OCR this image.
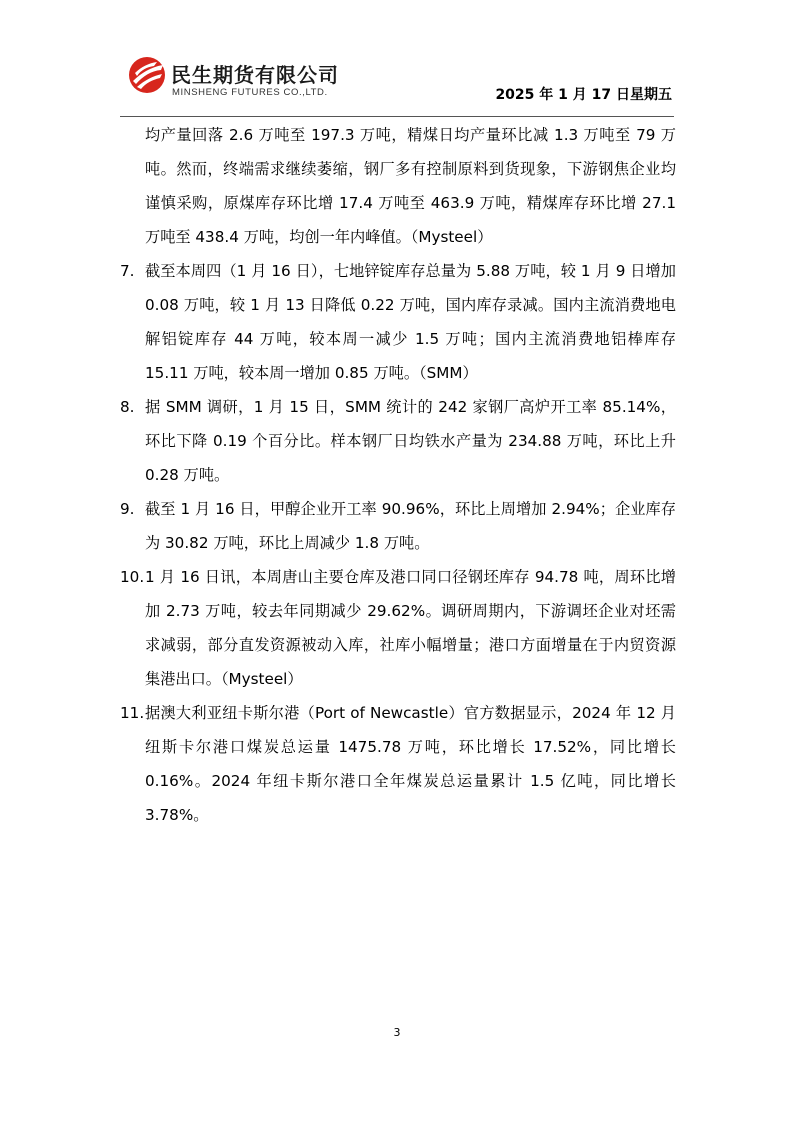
民生期货有限公司
MINSHENG FUTURES CO.,LTD.	2025 年 1 月 17 日星期五

均产量回落 2.6 万吨至 197.3 万吨，精煤日均产量环比减 1.3 万吨至 79 万吨。然而，终端需求继续萎缩，钢厂多有控制原料到货现象，下游钢焦企业均谨慎采购，原煤库存环比增 17.4 万吨至 463.9 万吨，精煤库存环比增 27.1 万吨至 438.4 万吨，均创一年内峰值。（Mysteel）

7. 截至本周四（1 月 16 日），七地锌锭库存总量为 5.88 万吨，较 1 月 9 日增加 0.08 万吨，较 1 月 13 日降低 0.22 万吨，国内库存录减。国内主流消费地电解铝锭库存 44 万吨，较本周一减少 1.5 万吨；国内主流消费地铝棒库存 15.11 万吨，较本周一增加 0.85 万吨。（SMM）
8. 据 SMM 调研，1 月 15 日，SMM 统计的 242 家钢厂高炉开工率 85.14%，环比下降 0.19 个百分比。样本钢厂日均铁水产量为 234.88 万吨，环比上升 0.28 万吨。
9. 截至 1 月 16 日，甲醇企业开工率 90.96%，环比上周增加 2.94%；企业库存为 30.82 万吨，环比上周减少 1.8 万吨。
10. 1 月 16 日讯，本周唐山主要仓库及港口同口径钢坯库存 94.78 吨，周环比增加 2.73 万吨，较去年同期减少 29.62%。调研周期内，下游调坯企业对坯需求减弱，部分直发资源被动入库，社库小幅增量；港口方面增量在于内贸资源集港出口。（Mysteel）
11. 据澳大利亚纽卡斯尔港（Port of Newcastle）官方数据显示，2024 年 12 月纽斯卡尔港口煤炭总运量 1475.78 万吨，环比增长 17.52%，同比增长 0.16%。2024 年纽卡斯尔港口全年煤炭总运量累计 1.5 亿吨，同比增长 3.78%。
3
